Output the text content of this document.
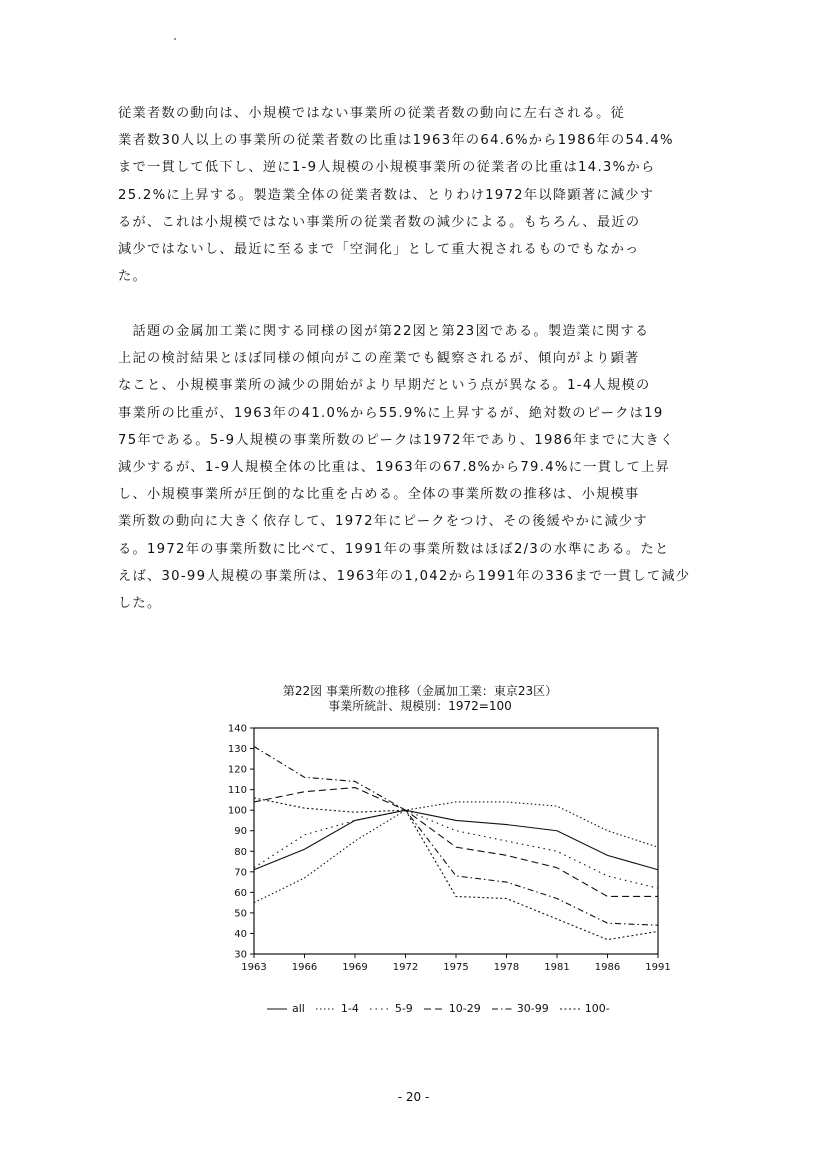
従業者数の動向は、小規模ではない事業所の従業者数の動向に左右される。従
業者数30人以上の事業所の従業者数の比重は1963年の64.6%から1986年の54.4%
まで一貫して低下し、逆に1-9人規模の小規模事業所の従業者の比重は14.3%から
25.2%に上昇する。製造業全体の従業者数は、とりわけ1972年以降顕著に減少す
るが、これは小規模ではない事業所の従業者数の減少による。もちろん、最近の
減少ではないし、最近に至るまで「空洞化」として重大視されるものでもなかっ
た。
　話題の金属加工業に関する同様の図が第22図と第23図である。製造業に関する
上記の検討結果とほぼ同様の傾向がこの産業でも観察されるが、傾向がより顕著
なこと、小規模事業所の減少の開始がより早期だという点が異なる。1-4人規模の
事業所の比重が、1963年の41.0%から55.9%に上昇するが、絶対数のピークは19
75年である。5-9人規模の事業所数のピークは1972年であり、1986年までに大きく
減少するが、1-9人規模全体の比重は、1963年の67.8%から79.4%に一貫して上昇
し、小規模事業所が圧倒的な比重を占める。全体の事業所数の推移は、小規模事
業所数の動向に大きく依存して、1972年にピークをつけ、その後緩やかに減少す
る。1972年の事業所数に比べて、1991年の事業所数はほぼ2/3の水準にある。たと
えば、30-99人規模の事業所は、1963年の1,042から1991年の336まで一貫して減少
した。
第22図 事業所数の推移（金属加工業：東京23区）
事業所統計、規模別：1972=100
30
40
50
60
70
80
90
100
110
120
130
140
1963	1966	1969	1972	1975	1978	1981	1986	1991
all	1-4	5-9	10-29	30-99	100-
- 20 -
